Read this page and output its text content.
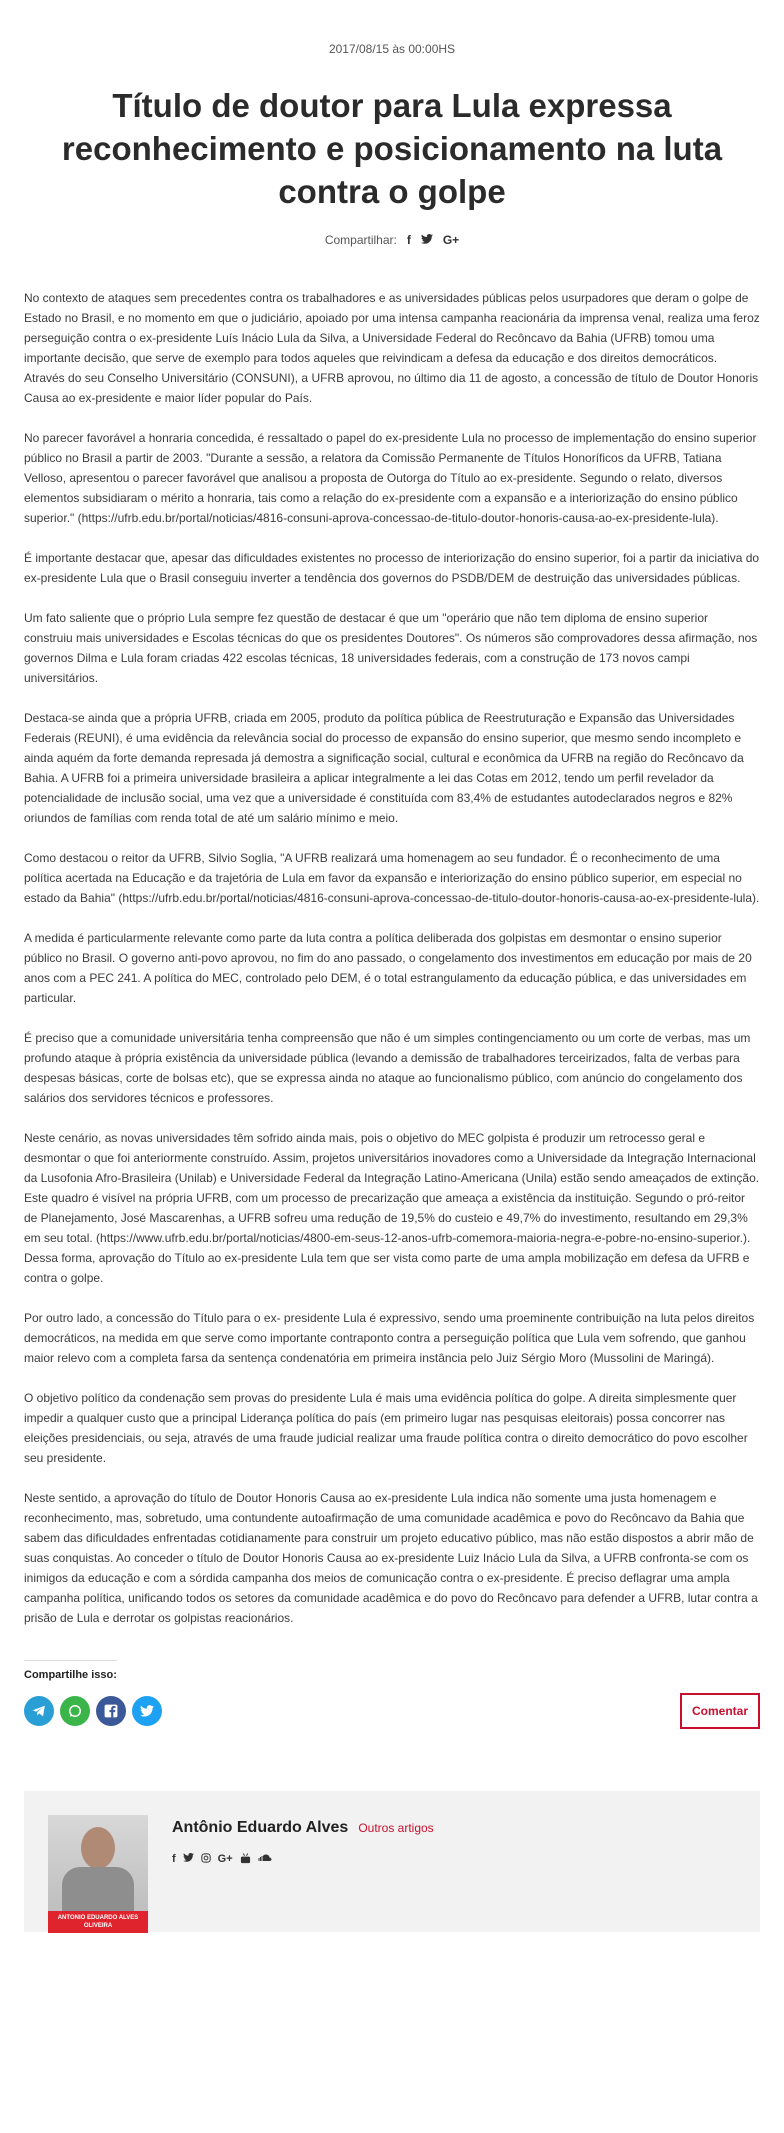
2017/08/15 às 00:00HS
Título de doutor para Lula expressa reconhecimento e posicionamento na luta contra o golpe
Compartilhar: f	G+

No contexto de ataques sem precedentes contra os trabalhadores e as universidades públicas pelos usurpadores que deram o golpe de Estado no Brasil, e no momento em que o judiciário, apoiado por uma intensa campanha reacionária da imprensa venal, realiza uma feroz perseguição contra o ex-presidente Luís Inácio Lula da Silva, a Universidade Federal do Recôncavo da Bahia (UFRB) tomou uma importante decisão, que serve de exemplo para todos aqueles que reivindicam a defesa da educação e dos direitos democráticos. Através do seu Conselho Universitário (CONSUNI), a UFRB aprovou, no último dia 11 de agosto, a concessão de título de Doutor Honoris Causa ao ex-presidente e maior líder popular do País.

No parecer favorável a honraria concedida, é ressaltado o papel do ex-presidente Lula no processo de implementação do ensino superior público no Brasil a partir de 2003. "Durante a sessão, a relatora da Comissão Permanente de Títulos Honoríficos da UFRB, Tatiana Velloso, apresentou o parecer favorável que analisou a proposta de Outorga do Título ao ex-presidente. Segundo o relato, diversos elementos subsidiaram o mérito a honraria, tais como a relação do ex-presidente com a expansão e a interiorização do ensino público superior." (https://ufrb.edu.br/portal/noticias/4816-consuni-aprova-concessao-de-titulo-doutor-honoris-causa-ao-ex-presidente-lula).

É importante destacar que, apesar das dificuldades existentes no processo de interiorização do ensino superior, foi a partir da iniciativa do ex-presidente Lula que o Brasil conseguiu inverter a tendência dos governos do PSDB/DEM de destruição das universidades públicas.

Um fato saliente que o próprio Lula sempre fez questão de destacar é que um "operário que não tem diploma de ensino superior construiu mais universidades e Escolas técnicas do que os presidentes Doutores". Os números são comprovadores dessa afirmação, nos governos Dilma e Lula foram criadas 422 escolas técnicas, 18 universidades federais, com a construção de 173 novos campi universitários.

Destaca-se ainda que a própria UFRB, criada em 2005, produto da política pública de Reestruturação e Expansão das Universidades Federais (REUNI), é uma evidência da relevância social do processo de expansão do ensino superior, que mesmo sendo incompleto e ainda aquém da forte demanda represada já demostra a significação social, cultural e econômica da UFRB na região do Recôncavo da Bahia. A UFRB foi a primeira universidade brasileira a aplicar integralmente a lei das Cotas em 2012, tendo um perfil revelador da potencialidade de inclusão social, uma vez que a universidade é constituída com 83,4% de estudantes autodeclarados negros e 82% oriundos de famílias com renda total de até um salário mínimo e meio.

Como destacou o reitor da UFRB, Silvio Soglia, "A UFRB realizará uma homenagem ao seu fundador. É o reconhecimento de uma política acertada na Educação e da trajetória de Lula em favor da expansão e interiorização do ensino público superior, em especial no estado da Bahia" (https://ufrb.edu.br/portal/noticias/4816-consuni-aprova-concessao-de-titulo-doutor-honoris-causa-ao-ex-presidente-lula).

A medida é particularmente relevante como parte da luta contra a política deliberada dos golpistas em desmontar o ensino superior público no Brasil. O governo anti-povo aprovou, no fim do ano passado, o congelamento dos investimentos em educação por mais de 20 anos com a PEC 241. A política do MEC, controlado pelo DEM, é o total estrangulamento da educação pública, e das universidades em particular.

É preciso que a comunidade universitária tenha compreensão que não é um simples contingenciamento ou um corte de verbas, mas um profundo ataque à própria existência da universidade pública (levando a demissão de trabalhadores terceirizados, falta de verbas para despesas básicas, corte de bolsas etc), que se expressa ainda no ataque ao funcionalismo público, com anúncio do congelamento dos salários dos servidores técnicos e professores.

Neste cenário, as novas universidades têm sofrido ainda mais, pois o objetivo do MEC golpista é produzir um retrocesso geral e desmontar o que foi anteriormente construído. Assim, projetos universitários inovadores como a Universidade da Integração Internacional da Lusofonia Afro-Brasileira (Unilab) e Universidade Federal da Integração Latino-Americana (Unila) estão sendo ameaçados de extinção. Este quadro é visível na própria UFRB, com um processo de precarização que ameaça a existência da instituição. Segundo o pró-reitor de Planejamento, José Mascarenhas, a UFRB sofreu uma redução de 19,5% do custeio e 49,7% do investimento, resultando em 29,3% em seu total. (https://www.ufrb.edu.br/portal/noticias/4800-em-seus-12-anos-ufrb-comemora-maioria-negra-e-pobre-no-ensino-superior.). Dessa forma, aprovação do Título ao ex-presidente Lula tem que ser vista como parte de uma ampla mobilização em defesa da UFRB e contra o golpe.

Por outro lado, a concessão do Título para o ex- presidente Lula é expressivo, sendo uma proeminente contribuição na luta pelos direitos democráticos, na medida em que serve como importante contraponto contra a perseguição política que Lula vem sofrendo, que ganhou maior relevo com a completa farsa da sentença condenatória em primeira instância pelo Juiz Sérgio Moro (Mussolini de Maringá).

O objetivo político da condenação sem provas do presidente Lula é mais uma evidência política do golpe. A direita simplesmente quer impedir a qualquer custo que a principal Liderança política do país (em primeiro lugar nas pesquisas eleitorais) possa concorrer nas eleições presidenciais, ou seja, através de uma fraude judicial realizar uma fraude política contra o direito democrático do povo escolher seu presidente.

Neste sentido, a aprovação do título de Doutor Honoris Causa ao ex-presidente Lula indica não somente uma justa homenagem e reconhecimento, mas, sobretudo, uma contundente autoafirmação de uma comunidade acadêmica e povo do Recôncavo da Bahia que sabem das dificuldades enfrentadas cotidianamente para construir um projeto educativo público, mas não estão dispostos a abrir mão de suas conquistas. Ao conceder o título de Doutor Honoris Causa ao ex-presidente Luiz Inácio Lula da Silva, a UFRB confronta-se com os inimigos da educação e com a sórdida campanha dos meios de comunicação contra o ex-presidente. É preciso deflagrar uma ampla campanha política, unificando todos os setores da comunidade acadêmica e do povo do Recôncavo para defender a UFRB, lutar contra a prisão de Lula e derrotar os golpistas reacionários.

Compartilhe isso:
Comentar
ANTONIO EDUARDO ALVES OLIVEIRA
Antônio Eduardo Alves Outros artigos
f	G+
